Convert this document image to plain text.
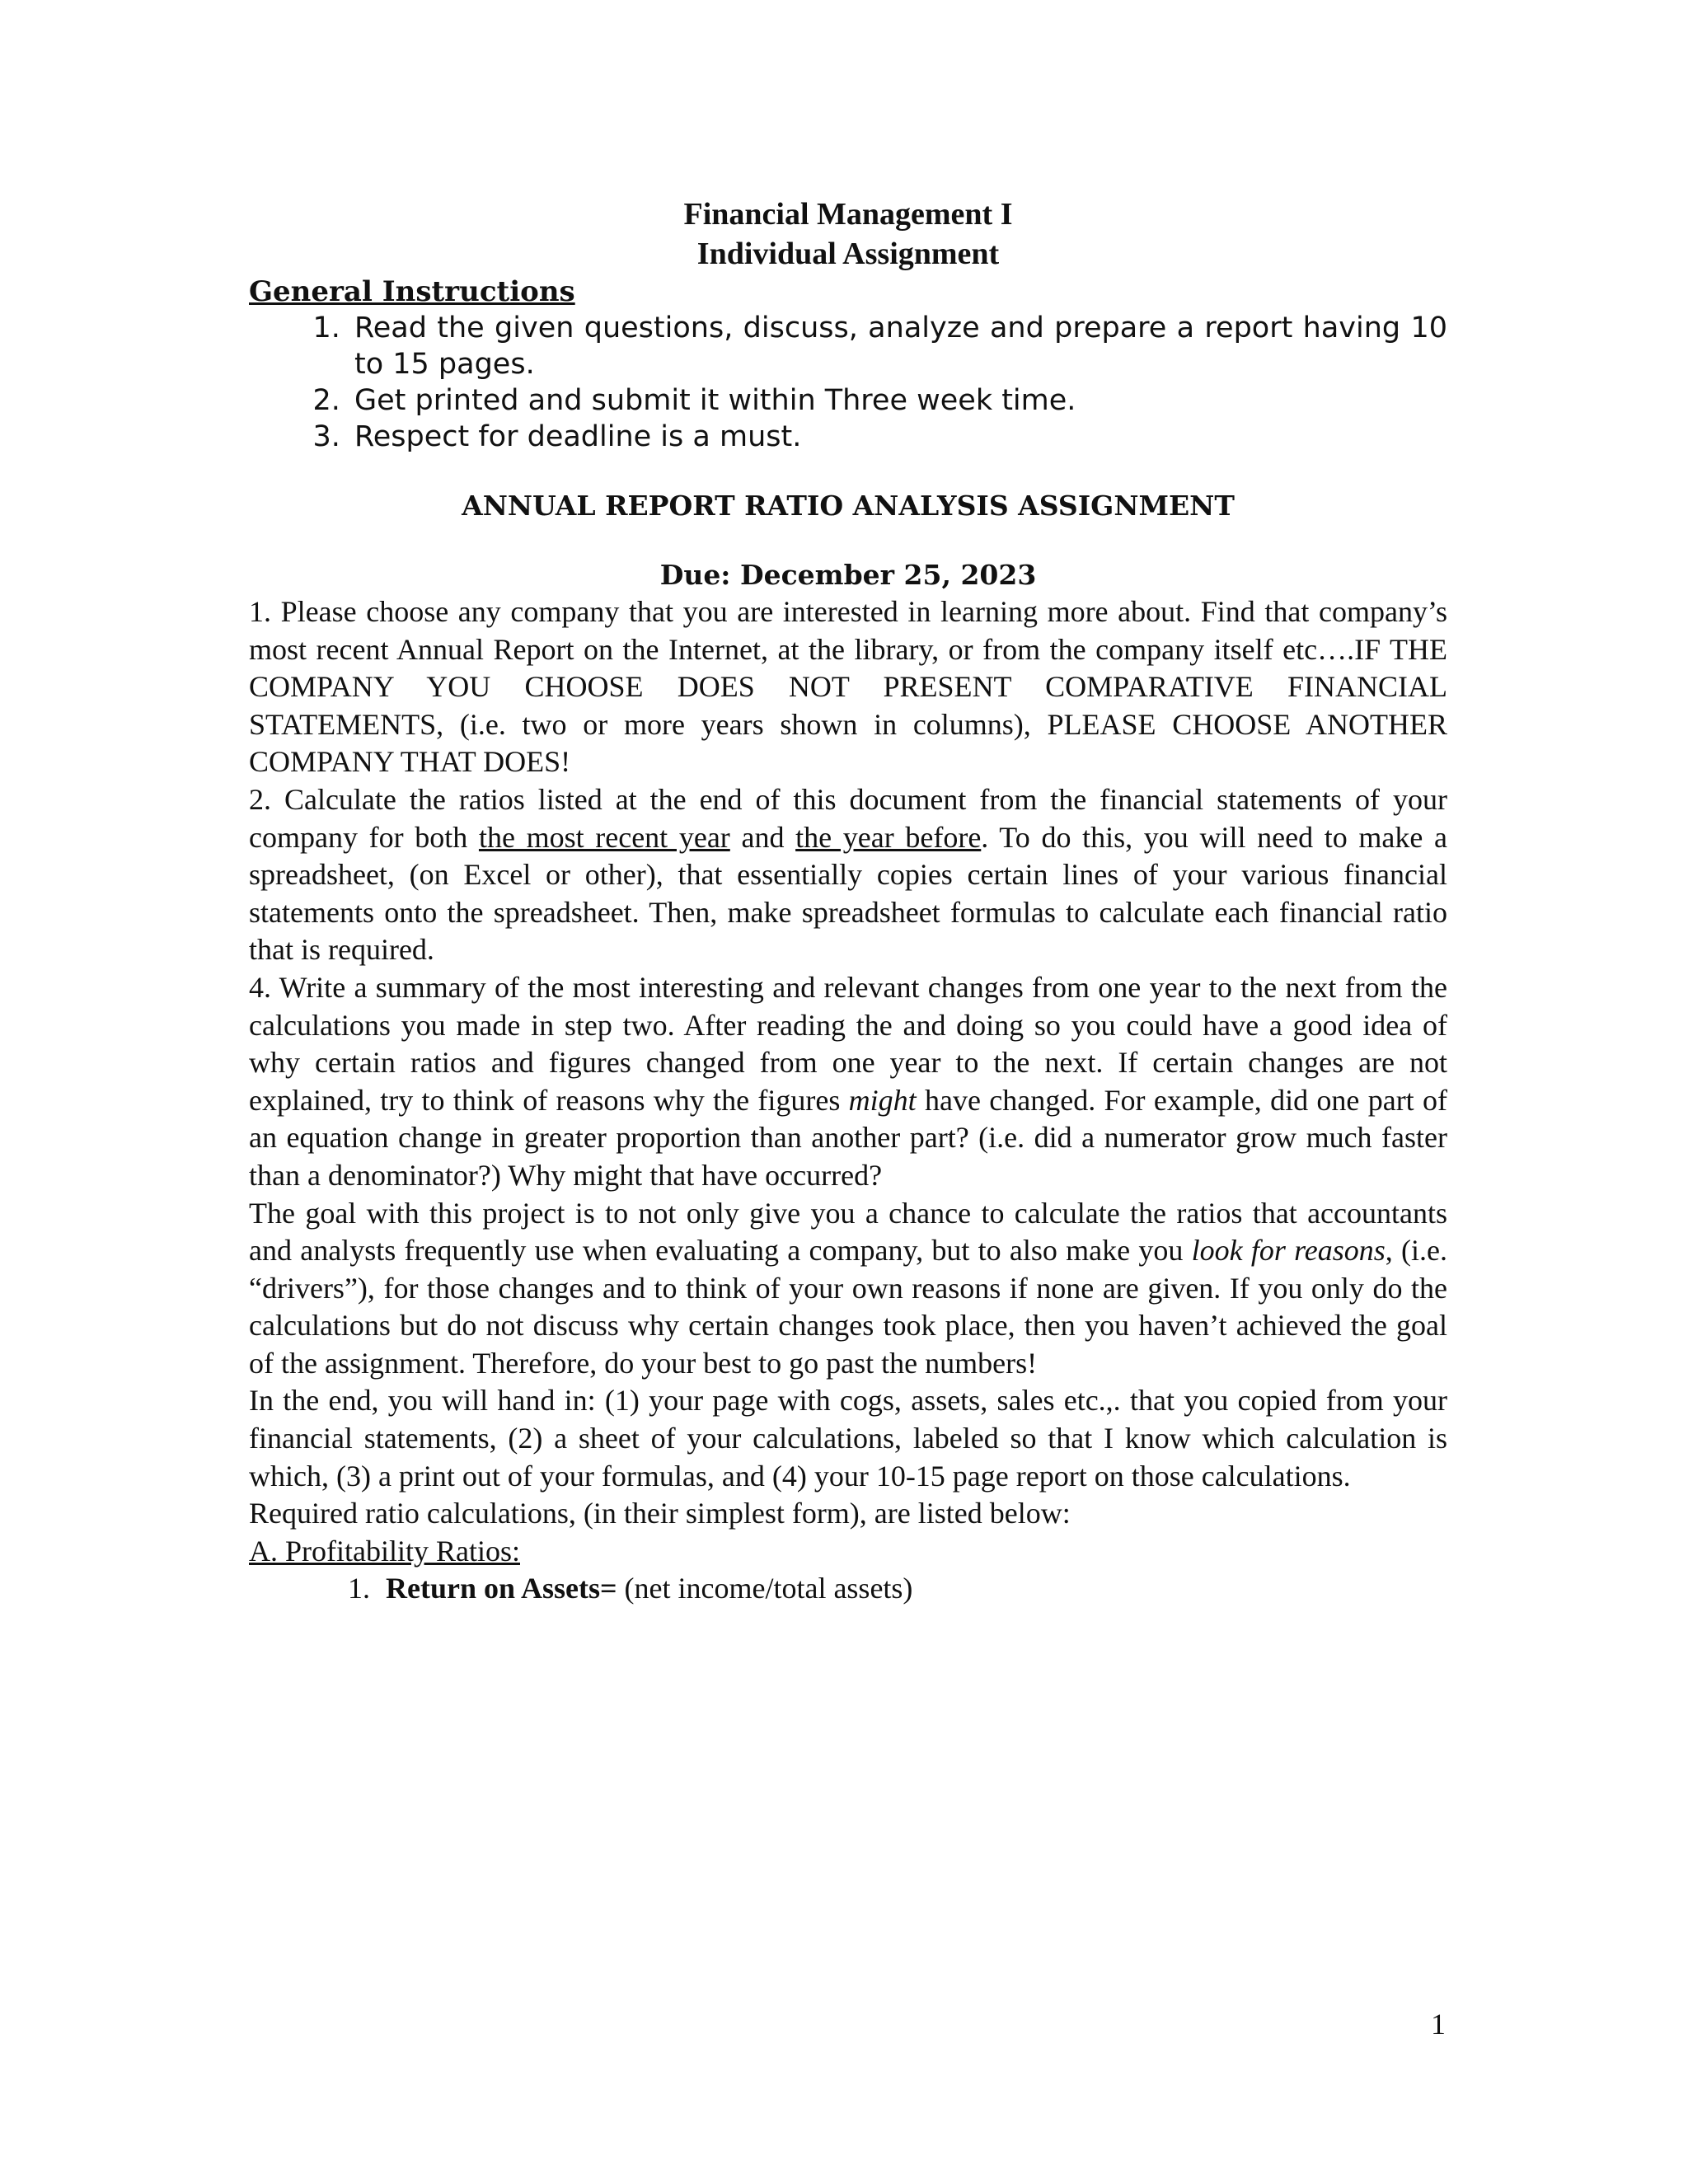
Financial Management I

Individual Assignment

General Instructions

1. Read the given questions, discuss, analyze and prepare a report having 10 to 15 pages.
2. Get printed and submit it within Three week time.
3. Respect for deadline is a must.

ANNUAL REPORT RATIO ANALYSIS ASSIGNMENT

Due: December 25, 2023

1. Please choose any company that you are interested in learning more about. Find that company’s most recent Annual Report on the Internet, at the library, or from the company itself etc….IF THE COMPANY YOU CHOOSE DOES NOT PRESENT COMPARATIVE FINANCIAL STATEMENTS, (i.e. two or more years shown in columns), PLEASE CHOOSE ANOTHER COMPANY THAT DOES!

2. Calculate the ratios listed at the end of this document from the financial statements of your company for both the most recent year and the year before. To do this, you will need to make a spreadsheet, (on Excel or other), that essentially copies certain lines of your various financial statements onto the spreadsheet. Then, make spreadsheet formulas to calculate each financial ratio that is required.

4. Write a summary of the most interesting and relevant changes from one year to the next from the calculations you made in step two. After reading the and doing so you could have a good idea of why certain ratios and figures changed from one year to the next. If certain changes are not explained, try to think of reasons why the figures might have changed. For example, did one part of an equation change in greater proportion than another part? (i.e. did a numerator grow much faster than a denominator?) Why might that have occurred?

The goal with this project is to not only give you a chance to calculate the ratios that accountants and analysts frequently use when evaluating a company, but to also make you look for reasons, (i.e. “drivers”), for those changes and to think of your own reasons if none are given. If you only do the calculations but do not discuss why certain changes took place, then you haven’t achieved the goal of the assignment. Therefore, do your best to go past the numbers!

In the end, you will hand in: (1) your page with cogs, assets, sales etc.,. that you copied from your financial statements, (2) a sheet of your calculations, labeled so that I know which calculation is which, (3) a print out of your formulas, and (4) your 10-15 page report on those calculations.

Required ratio calculations, (in their simplest form), are listed below:

A. Profitability Ratios:

1. Return on Assets= (net income/total assets)
1
